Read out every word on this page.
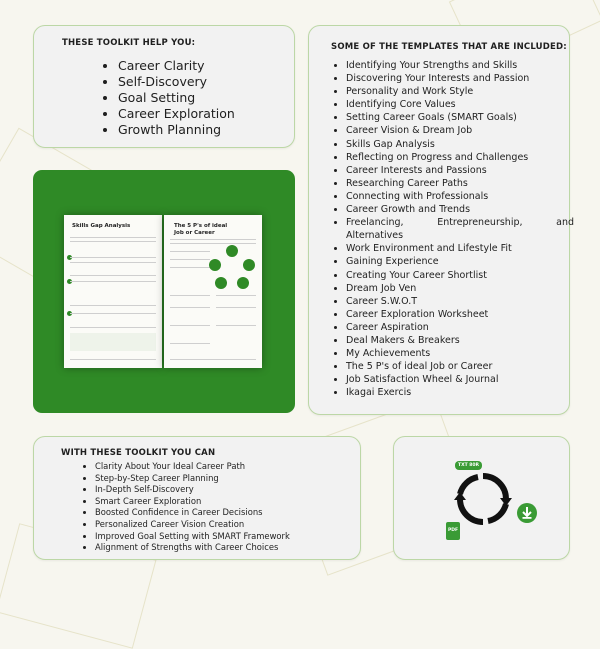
THESE TOOLKIT HELP YOU:
• Career Clarity
• Self-Discovery
• Goal Setting
• Career Exploration
• Growth Planning
SOME OF THE TEMPLATES THAT ARE INCLUDED:
• Identifying Your Strengths and Skills
• Discovering Your Interests and Passion
• Personality and Work Style
• Identifying Core Values
• Setting Career Goals (SMART Goals)
• Career Vision & Dream Job
• Skills Gap Analysis
• Reflecting on Progress and Challenges
• Career Interests and Passions
• Researching Career Paths
• Connecting with Professionals
• Career Growth and Trends
• Freelancing, Entrepreneurship, and
Alternatives
• Work Environment and Lifestyle Fit
• Gaining Experience
• Creating Your Career Shortlist
• Dream Job Ven
• Career S.W.O.T
• Career Exploration Worksheet
• Career Aspiration
• Deal Makers & Breakers
• My Achievements
• The 5 P's of ideal Job or Career
• Job Satisfaction Wheel & Journal
• Ikagai Exercis
Skills Gap Analysis	The 5 P's of ideal Job or Career
WITH THESE TOOLKIT YOU CAN
• Clarity About Your Ideal Career Path
• Step-by-Step Career Planning
• In-Depth Self-Discovery
• Smart Career Exploration
• Boosted Confidence in Career Decisions
• Personalized Career Vision Creation
• Improved Goal Setting with SMART Framework
• Alignment of Strengths with Career Choices
TXT 80R
PDF
